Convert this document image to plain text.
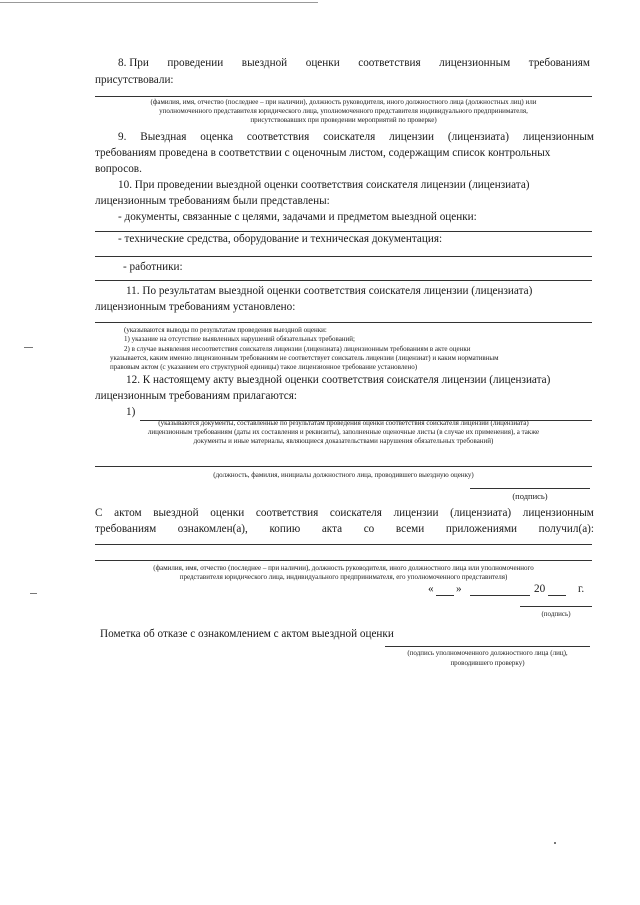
8. При проведении выездной оценки соответствия лицензионным требованиям
присутствовали:
(фамилия, имя, отчество (последнее – при наличии), должность руководителя, иного должностного лица (должностных лиц) или
уполномоченного представителя юридического лица, уполномоченного представителя индивидуального предпринимателя,
присутствовавших при проведении мероприятий по проверке)
9. Выездная оценка соответствия соискателя лицензии (лицензиата) лицензионным
требованиям проведена в соответствии с оценочным листом, содержащим список контрольных
вопросов.
10. При проведении выездной оценки соответствия соискателя лицензии (лицензиата)
лицензионным требованиям были представлены:
- документы, связанные с целями, задачами и предметом выездной оценки:
- технические средства, оборудование и техническая документация:
- работники:
11. По результатам выездной оценки соответствия соискателя лицензии (лицензиата)
лицензионным требованиям установлено:
(указываются выводы по результатам проведения выездной оценки:
1) указание на отсутствие выявленных нарушений обязательных требований;
2) в случае выявления несоответствия соискателя лицензии (лицензиата) лицензионным требованиям в акте оценки
указывается, каким именно лицензионным требованиям не соответствует соискатель лицензии (лицензиат) и каким нормативным
правовым актом (с указанием его структурной единицы) такое лицензионное требование установлено)
12. К настоящему акту выездной оценки соответствия соискателя лицензии (лицензиата)
лицензионным требованиям прилагаются:
1)
(указываются документы, составленные по результатам проведения оценки соответствия соискателя лицензии (лицензиата)
лицензионным требованиям (даты их составления и реквизиты), заполненные оценочные листы (в случае их применения), а также
документы и иные материалы, являющиеся доказательствами нарушения обязательных требований)
(должность, фамилия, инициалы должностного лица, проводившего выездную оценку)
(подпись)
С актом выездной оценки соответствия соискателя лицензии (лицензиата) лицензионным
требованиям ознакомлен(а), копию акта со всеми приложениями получил(а):
(фамилия, имя, отчество (последнее – при наличии), должность руководителя, иного должностного лица или уполномоченного
представителя юридического лица, индивидуального предпринимателя, его уполномоченного представителя)
« »	20	г.
(подпись)
Пометка об отказе с ознакомлением с актом выездной оценки
(подпись уполномоченного должностного лица (лиц),
проводившего проверку)
